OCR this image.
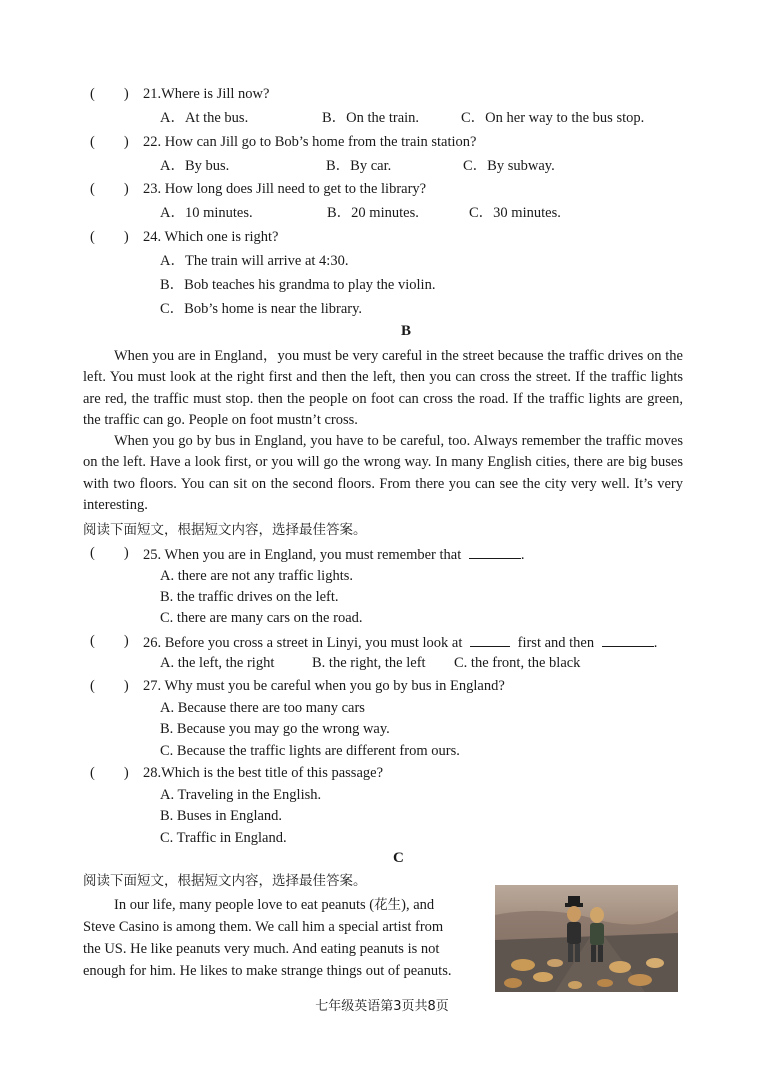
(　　) 21.Where is Jill now?
A．At the bus.	B．On the train.	C．On her way to the bus stop.
(　　) 22. How can Jill go to Bob’s home from the train station?
A．By bus.	B．By car.	C．By subway.
(　　) 23. How long does Jill need to get to the library?
A．10 minutes.	B．20 minutes.	C．30 minutes.
(　　) 24. Which one is right?
A．The train will arrive at 4:30.
B．Bob teaches his grandma to play the violin.
C．Bob’s home is near the library.
B

When you are in England，you must be very careful in the street because the traffic drives on the left. You must look at the right first and then the left, then you can cross the street. If the traffic lights are red, the traffic must stop. then the people on foot can cross the road. If the traffic lights are green, the traffic can go. People on foot mustn’t cross.

When you go by bus in England, you have to be careful, too. Always remember the traffic moves on the left. Have a look first, or you will go the wrong way. In many English cities, there are big buses with two floors. You can sit on the second floors. From there you can see the city very well. It’s very interesting.

阅读下面短文，根据短文内容，选择最佳答案。
(　　) 25. When you are in England, you must remember that	.
A. there are not any traffic lights.
B. the traffic drives on the left.
C. there are many cars on the road.
(　　) 26. Before you cross a street in Linyi, you must look at	first and then	.
A. the left, the right	B. the right, the left C. the front, the black
(　　) 27. Why must you be careful when you go by bus in England?
A. Because there are too many cars
B. Because you may go the wrong way.
C. Because the traffic lights are different from ours.
(　　) 28.Which is the best title of this passage?
A. Traveling in the English.
B. Buses in England.
C. Traffic in England.
C
阅读下面短文，根据短文内容，选择最佳答案。
In our life, many people love to eat peanuts (花生), and
Steve Casino is among them. We call him a special artist from
the US. He like peanuts very much. And eating peanuts is not
enough for him. He likes to make strange things out of peanuts.
七年级英语第3页共8页
